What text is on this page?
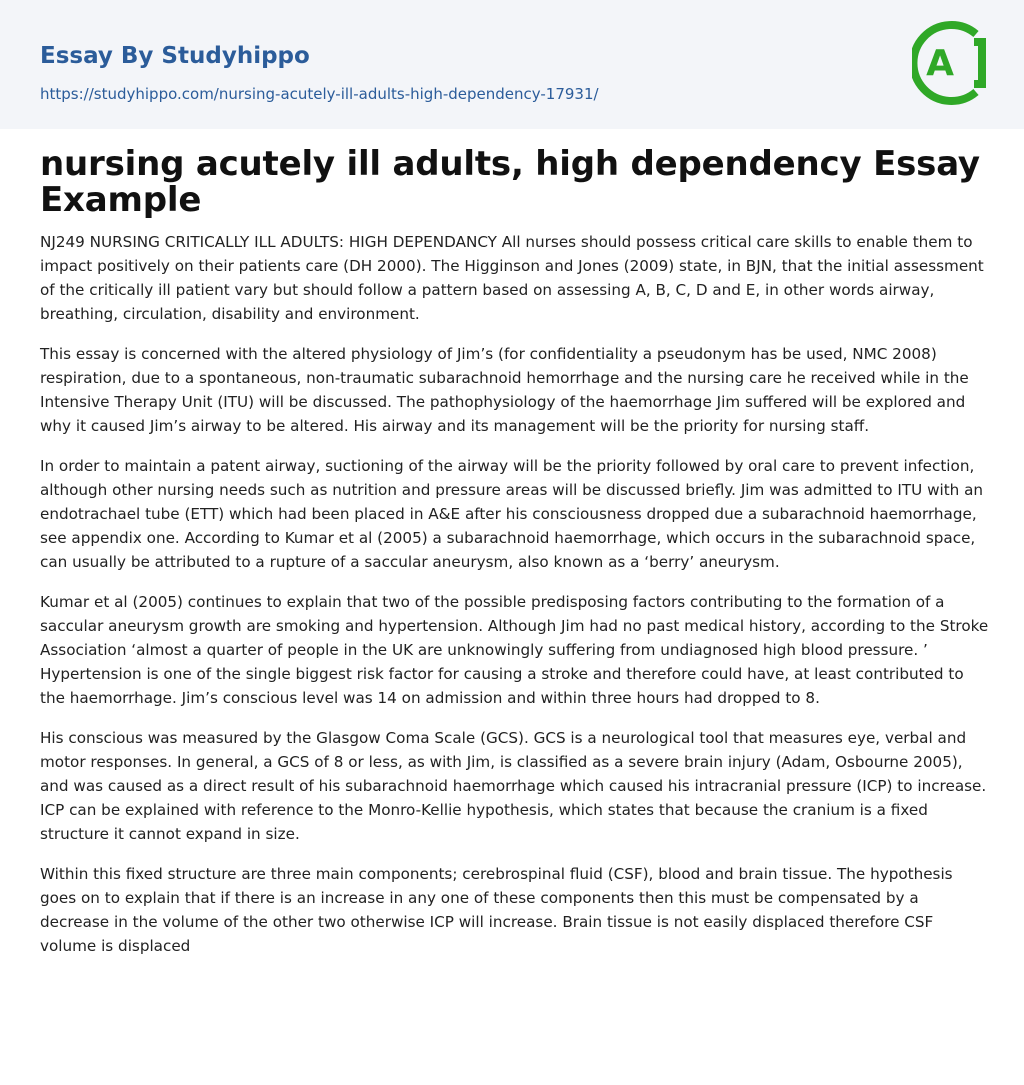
Essay By Studyhippo
https://studyhippo.com/nursing-acutely-ill-adults-high-dependency-17931/
A
nursing acutely ill adults, high dependency Essay Example

NJ249 NURSING CRITICALLY ILL ADULTS: HIGH DEPENDANCY All nurses should possess critical care skills to enable them to impact positively on their patients care (DH 2000). The Higginson and Jones (2009) state, in BJN, that the initial assessment of the critically ill patient vary but should follow a pattern based on assessing A, B, C, D and E, in other words airway, breathing, circulation, disability and environment.

This essay is concerned with the altered physiology of Jim’s (for confidentiality a pseudonym has be used, NMC 2008) respiration, due to a spontaneous, non-traumatic subarachnoid hemorrhage and the nursing care he received while in the Intensive Therapy Unit (ITU) will be discussed. The pathophysiology of the haemorrhage Jim suffered will be explored and why it caused Jim’s airway to be altered. His airway and its management will be the priority for nursing staff.

In order to maintain a patent airway, suctioning of the airway will be the priority followed by oral care to prevent infection, although other nursing needs such as nutrition and pressure areas will be discussed briefly. Jim was admitted to ITU with an endotrachael tube (ETT) which had been placed in A&E after his consciousness dropped due a subarachnoid haemorrhage, see appendix one. According to Kumar et al (2005) a subarachnoid haemorrhage, which occurs in the subarachnoid space, can usually be attributed to a rupture of a saccular aneurysm, also known as a ‘berry’ aneurysm.

Kumar et al (2005) continues to explain that two of the possible predisposing factors contributing to the formation of a saccular aneurysm growth are smoking and hypertension. Although Jim had no past medical history, according to the Stroke Association ‘almost a quarter of people in the UK are unknowingly suffering from undiagnosed high blood pressure. ’ Hypertension is one of the single biggest risk factor for causing a stroke and therefore could have, at least contributed to the haemorrhage. Jim’s conscious level was 14 on admission and within three hours had dropped to 8.

His conscious was measured by the Glasgow Coma Scale (GCS). GCS is a neurological tool that measures eye, verbal and motor responses. In general, a GCS of 8 or less, as with Jim, is classified as a severe brain injury (Adam, Osbourne 2005), and was caused as a direct result of his subarachnoid haemorrhage which caused his intracranial pressure (ICP) to increase. ICP can be explained with reference to the Monro-Kellie hypothesis, which states that because the cranium is a fixed structure it cannot expand in size.

Within this fixed structure are three main components; cerebrospinal fluid (CSF), blood and brain tissue. The hypothesis goes on to explain that if there is an increase in any one of these components then this must be compensated by a decrease in the volume of the other two otherwise ICP will increase. Brain tissue is not easily displaced therefore CSF volume is displaced
